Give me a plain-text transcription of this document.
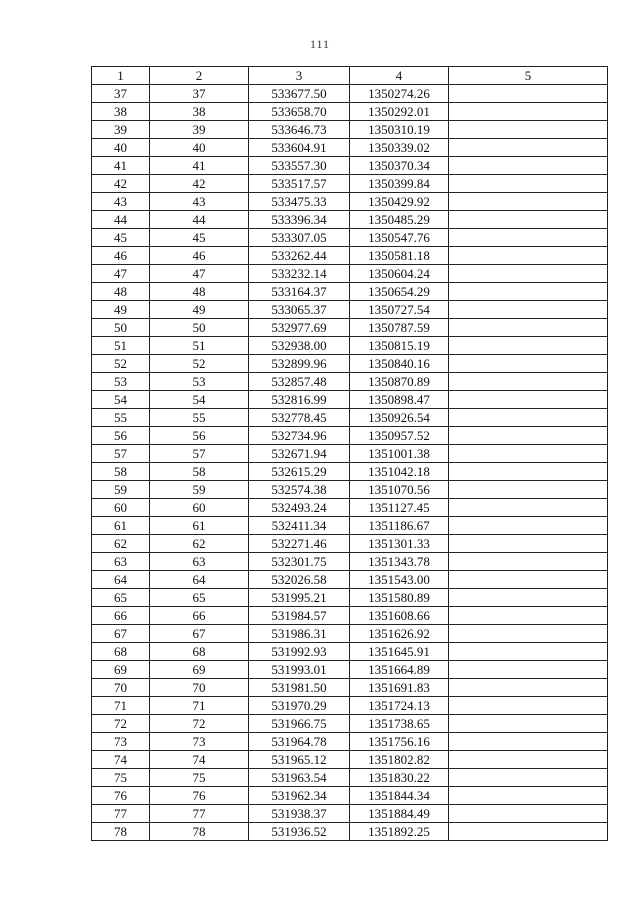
111
1	2	3	4	5
37	37	533677.50	1350274.26	
38	38	533658.70	1350292.01	
39	39	533646.73	1350310.19	
40	40	533604.91	1350339.02	
41	41	533557.30	1350370.34	
42	42	533517.57	1350399.84	
43	43	533475.33	1350429.92	
44	44	533396.34	1350485.29	
45	45	533307.05	1350547.76	
46	46	533262.44	1350581.18	
47	47	533232.14	1350604.24	
48	48	533164.37	1350654.29	
49	49	533065.37	1350727.54	
50	50	532977.69	1350787.59	
51	51	532938.00	1350815.19	
52	52	532899.96	1350840.16	
53	53	532857.48	1350870.89	
54	54	532816.99	1350898.47	
55	55	532778.45	1350926.54	
56	56	532734.96	1350957.52	
57	57	532671.94	1351001.38	
58	58	532615.29	1351042.18	
59	59	532574.38	1351070.56	
60	60	532493.24	1351127.45	
61	61	532411.34	1351186.67	
62	62	532271.46	1351301.33	
63	63	532301.75	1351343.78	
64	64	532026.58	1351543.00	
65	65	531995.21	1351580.89	
66	66	531984.57	1351608.66	
67	67	531986.31	1351626.92	
68	68	531992.93	1351645.91	
69	69	531993.01	1351664.89	
70	70	531981.50	1351691.83	
71	71	531970.29	1351724.13	
72	72	531966.75	1351738.65	
73	73	531964.78	1351756.16	
74	74	531965.12	1351802.82	
75	75	531963.54	1351830.22	
76	76	531962.34	1351844.34	
77	77	531938.37	1351884.49	
78	78	531936.52	1351892.25	
